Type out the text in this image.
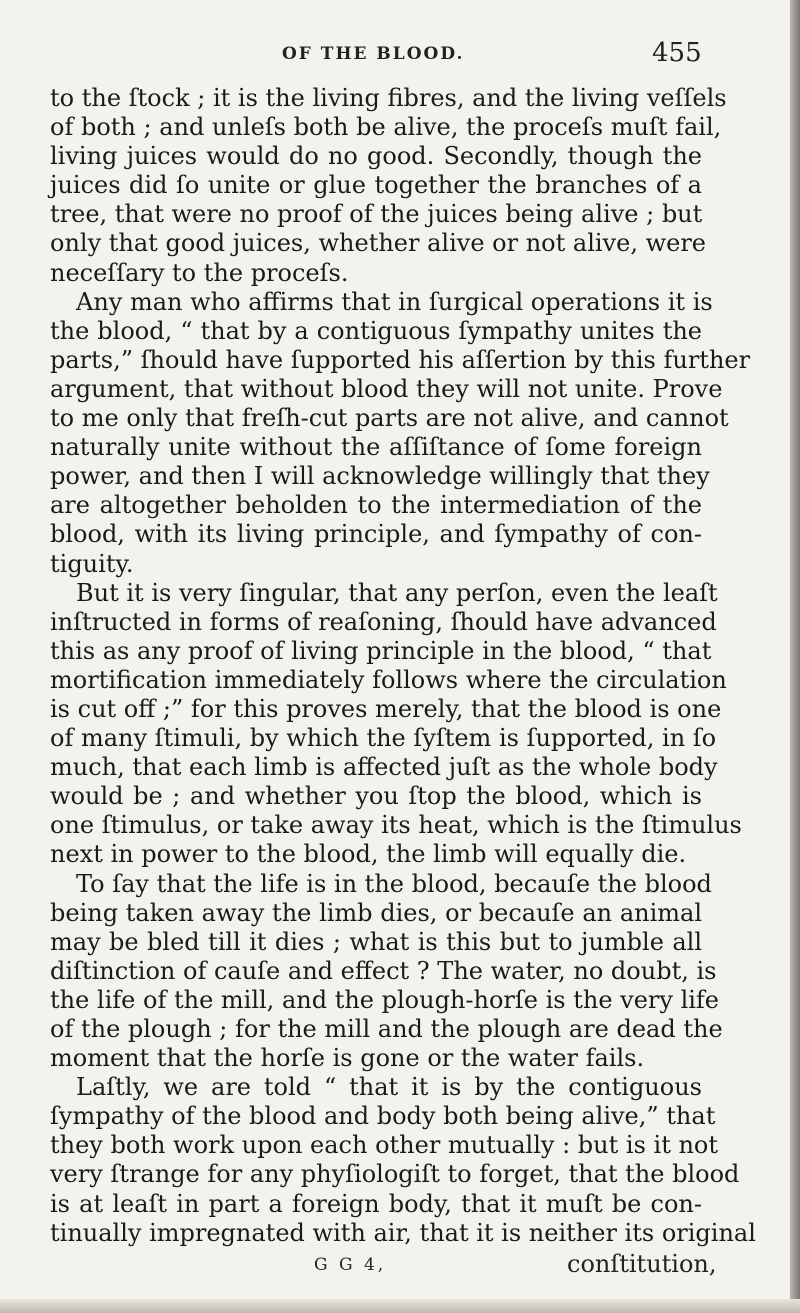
OF THE BLOOD.	455
to the ſtock ; it is the living fibres, and the living veſſels
of both ; and unleſs both be alive, the proceſs muſt fail,
living juices would do no good. Secondly, though the
juices did ſo unite or glue together the branches of a
tree, that were no proof of the juices being alive ; but
only that good juices, whether alive or not alive, were
neceſſary to the proceſs.
Any man who affirms that in ſurgical operations it is
the blood, “ that by a contiguous ſympathy unites the
parts,” ſhould have ſupported his aſſertion by this further
argument, that without blood they will not unite. Prove
to me only that freſh-cut parts are not alive, and cannot
naturally unite without the aſſiſtance of ſome foreign
power, and then I will acknowledge willingly that they
are altogether beholden to the intermediation of the
blood, with its living principle, and ſympathy of con-
tiguity.
But it is very ſingular, that any perſon, even the leaſt
inſtructed in forms of reaſoning, ſhould have advanced
this as any proof of living principle in the blood, “ that
mortification immediately follows where the circulation
is cut off ;” for this proves merely, that the blood is one
of many ſtimuli, by which the ſyſtem is ſupported, in ſo
much, that each limb is affected juſt as the whole body
would be ; and whether you ſtop the blood, which is
one ſtimulus, or take away its heat, which is the ſtimulus
next in power to the blood, the limb will equally die.
To ſay that the life is in the blood, becauſe the blood
being taken away the limb dies, or becauſe an animal
may be bled till it dies ; what is this but to jumble all
diſtinction of cauſe and effect ? The water, no doubt, is
the life of the mill, and the plough-horſe is the very life
of the plough ; for the mill and the plough are dead the
moment that the horſe is gone or the water fails.
Laſtly, we are told “ that it is by the contiguous
ſympathy of the blood and body both being alive,” that
they both work upon each other mutually : but is it not
very ſtrange for any phyſiologiſt to forget, that the blood
is at leaſt in part a foreign body, that it muſt be con-
tinually impregnated with air, that it is neither its original
G G 4,	conſtitution,
